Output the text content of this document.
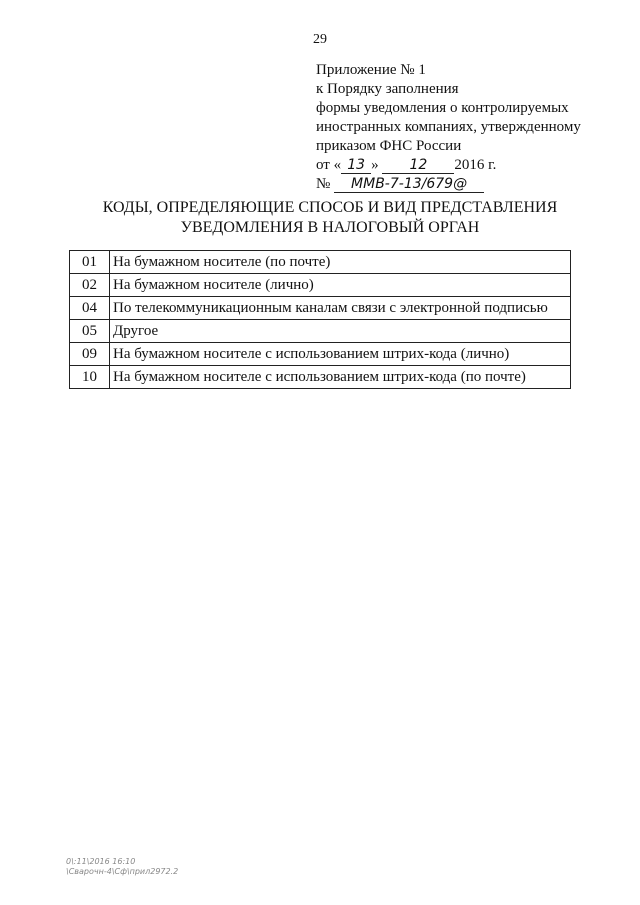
29
Приложение № 1
к Порядку заполнения
формы уведомления о контролируемых
иностранных компаниях, утвержденному
приказом ФНС России
от « 13 » 12 2016 г.
№ ММВ-7-13/679@
КОДЫ, ОПРЕДЕЛЯЮЩИЕ СПОСОБ И ВИД ПРЕДСТАВЛЕНИЯ
УВЕДОМЛЕНИЯ В НАЛОГОВЫЙ ОРГАН
01	На бумажном носителе (по почте)
02	На бумажном носителе (лично)
04	По телекоммуникационным каналам связи с электронной подписью
05	Другое
09	На бумажном носителе с использованием штрих-кода (лично)
10	На бумажном носителе с использованием штрих-кода (по почте)
0\:11\2016 16:10
\Сварочн-4\Сф\прил2972.2
